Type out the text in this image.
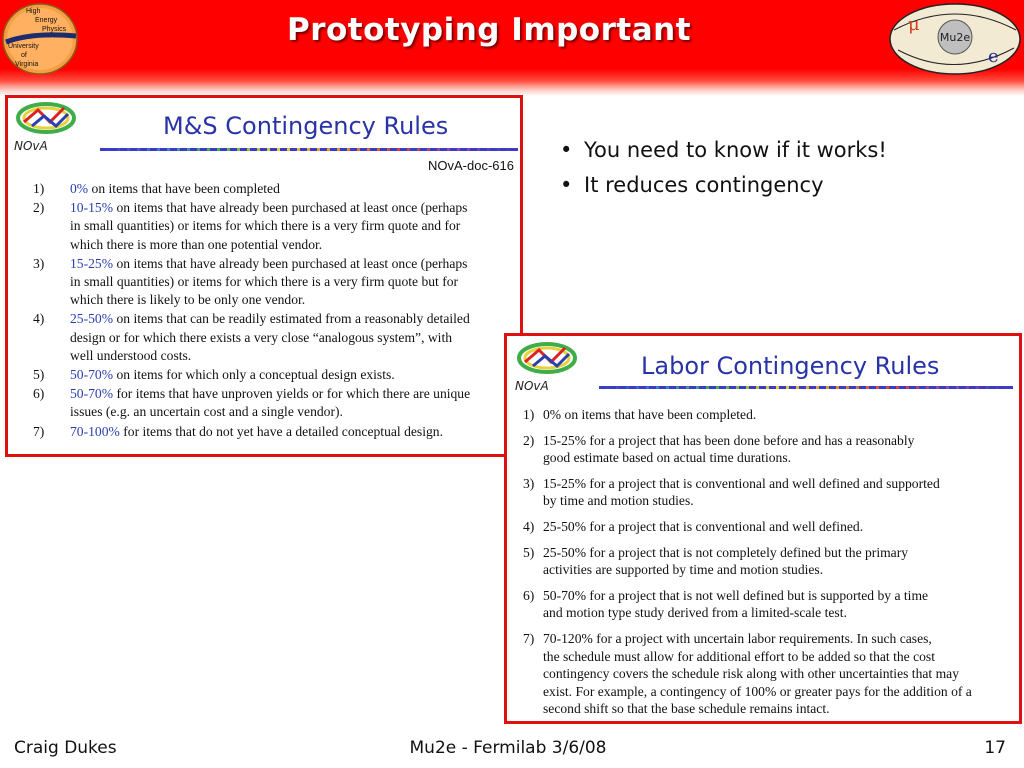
Prototyping Important
High
Energy
Physics
University
of
Virginia
Mu2e
μ
e
NOvA
M&S Contingency Rules
NOvA-doc-616
1)	0% on items that have been completed
2)	10-15% on items that have already been purchased at least once (perhaps
in small quantities) or items for which there is a very firm quote and for
which there is more than one potential vendor.
3)	15-25% on items that have already been purchased at least once (perhaps
in small quantities) or items for which there is a very firm quote but for
which there is likely to be only one vendor.
4)	25-50% on items that can be readily estimated from a reasonably detailed
design or for which there exists a very close “analogous system”, with
well understood costs.
5)	50-70% on items for which only a conceptual design exists.
6)	50-70% for items that have unproven yields or for which there are unique
issues (e.g. an uncertain cost and a single vendor).
7)	70-100% for items that do not yet have a detailed conceptual design.
• You need to know if it works!
• It reduces contingency
NOvA
Labor Contingency Rules
1) 0% on items that have been completed.
2) 15-25% for a project that has been done before and has a reasonably
good estimate based on actual time durations.
3) 15-25% for a project that is conventional and well defined and supported
by time and motion studies.
4) 25-50% for a project that is conventional and well defined.
5) 25-50% for a project that is not completely defined but the primary
activities are supported by time and motion studies.
6) 50-70% for a project that is not well defined but is supported by a time
and motion type study derived from a limited-scale test.
7) 70-120% for a project with uncertain labor requirements. In such cases,
the schedule must allow for additional effort to be added so that the cost
contingency covers the schedule risk along with other uncertainties that may
exist. For example, a contingency of 100% or greater pays for the addition of a
second shift so that the base schedule remains intact.
Craig Dukes	Mu2e - Fermilab 3/6/08	17
